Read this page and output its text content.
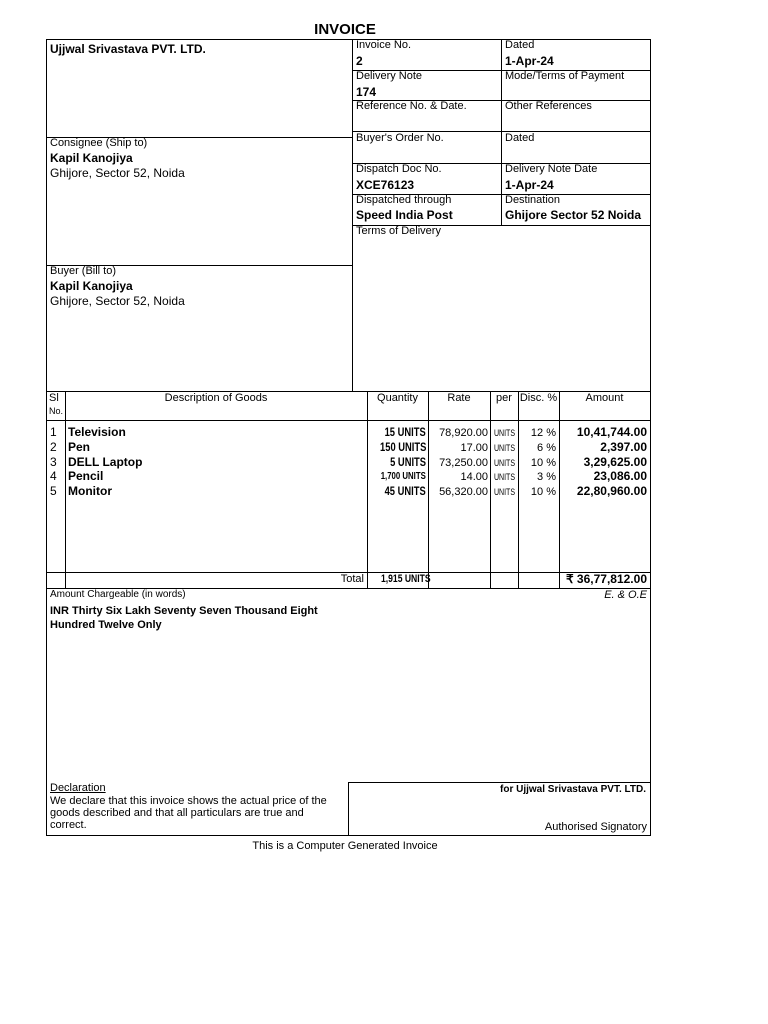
INVOICE
Ujjwal Srivastava PVT. LTD.
Consignee (Ship to)
Kapil Kanojiya
Ghijore, Sector 52, Noida
Buyer (Bill to)
Kapil Kanojiya
Ghijore, Sector 52, Noida
Invoice No.
2
Dated
1-Apr-24
Delivery Note
174
Mode/Terms of Payment
Reference No. & Date.	Other References
Buyer's Order No.	Dated
Dispatch Doc No.
XCE76123
Delivery Note Date
1-Apr-24
Dispatched through
Speed India Post
Destination
Ghijore Sector 52 Noida
Terms of Delivery
Sl
No.
Description of Goods	Quantity	Rate	per Disc. %	Amount
1 Television	15 UNITS	78,920.00 UNITS	12 %	10,41,744.00
2 Pen	150 UNITS	17.00 UNITS	6 %	2,397.00
3 DELL Laptop	5 UNITS	73,250.00 UNITS	10 %	3,29,625.00
4 Pencil	1,700 UNITS	14.00 UNITS	3 %	23,086.00
5 Monitor	45 UNITS	56,320.00 UNITS	10 %	22,80,960.00
Total	1,915 UNITS	₹ 36,77,812.00
Amount Chargeable (in words)	E. & O.E
INR Thirty Six Lakh Seventy Seven Thousand Eight
Hundred Twelve Only
Declaration
We declare that this invoice shows the actual price of the
goods described and that all particulars are true and
correct.
for Ujjwal Srivastava PVT. LTD.
Authorised Signatory
This is a Computer Generated Invoice
